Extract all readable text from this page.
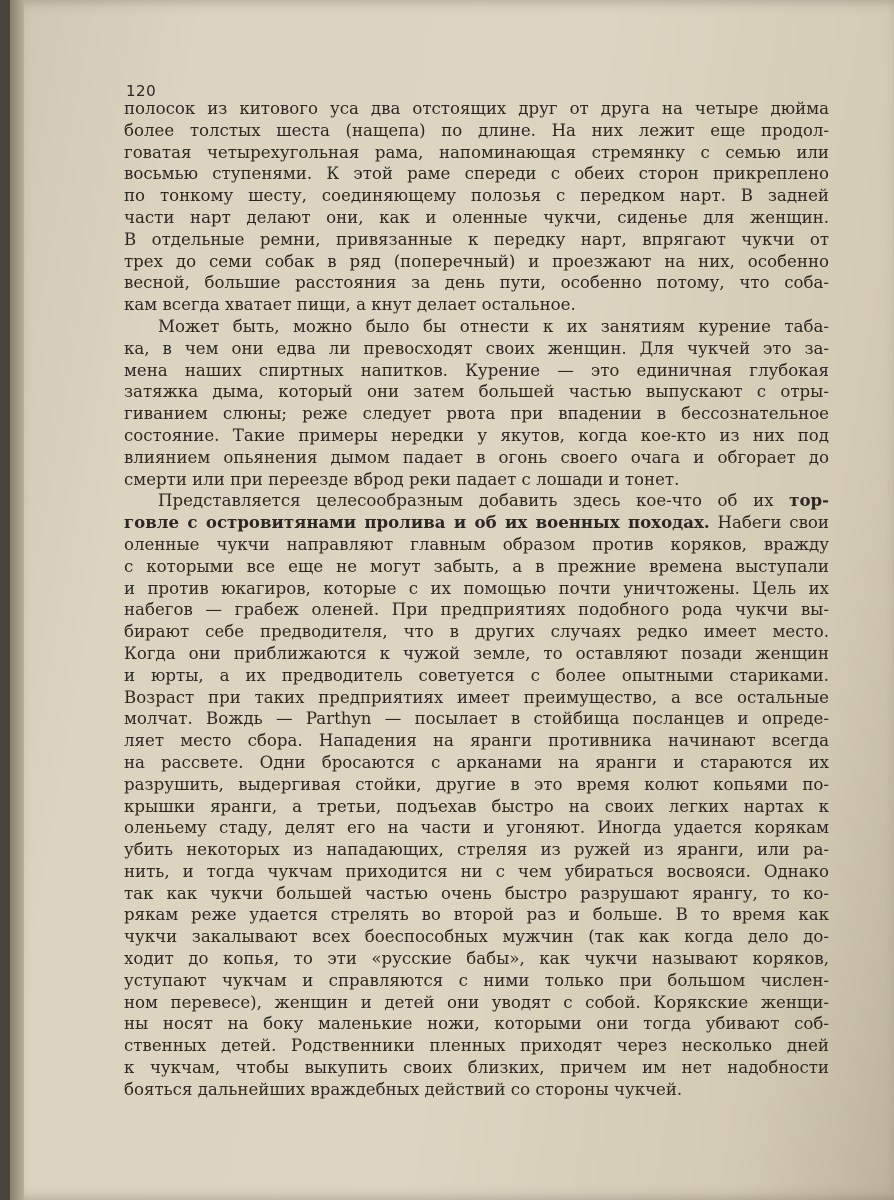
120
полосок из китового уса два отстоящих друг от друга на четыре дюйма
более толстых шеста (нащепа) по длине. На них лежит еще продол-
говатая четырехугольная рама, напоминающая стремянку с семью или
восьмью ступенями. К этой раме спереди с обеих сторон прикреплено
по тонкому шесту, соединяющему полозья с передком нарт. В задней
части нарт делают они, как и оленные чукчи, сиденье для женщин.
В отдельные ремни, привязанные к передку нарт, впрягают чукчи от
трех до семи собак в ряд (поперечный) и проезжают на них, особенно
весной, большие расстояния за день пути, особенно потому, что соба-
кам всегда хватает пищи, а кнут делает остальное.
Может быть, можно было бы отнести к их занятиям курение таба-
ка, в чем они едва ли превосходят своих женщин. Для чукчей это за-
мена наших спиртных напитков. Курение — это единичная глубокая
затяжка дыма, который они затем большей частью выпускают с отры-
гиванием слюны; реже следует рвота при впадении в бессознательное
состояние. Такие примеры нередки у якутов, когда кое-кто из них под
влиянием опьянения дымом падает в огонь своего очага и обгорает до
смерти или при переезде вброд реки падает с лошади и тонет.
Представляется целесообразным добавить здесь кое-что об их тор-
говле с островитянами пролива и об их военных походах. Набеги свои
оленные чукчи направляют главным образом против коряков, вражду
с которыми все еще не могут забыть, а в прежние времена выступали
и против юкагиров, которые с их помощью почти уничтожены. Цель их
набегов — грабеж оленей. При предприятиях подобного рода чукчи вы-
бирают себе предводителя, что в других случаях редко имеет место.
Когда они приближаются к чужой земле, то оставляют позади женщин
и юрты, а их предводитель советуется с более опытными стариками.
Возраст при таких предприятиях имеет преимущество, а все остальные
молчат. Вождь — Parthyn — посылает в стойбища посланцев и опреде-
ляет место сбора. Нападения на яранги противника начинают всегда
на рассвете. Одни бросаются с арканами на яранги и стараются их
разрушить, выдергивая стойки, другие в это время колют копьями по-
крышки яранги, а третьи, подъехав быстро на своих легких нартах к
оленьему стаду, делят его на части и угоняют. Иногда удается корякам
убить некоторых из нападающих, стреляя из ружей из яранги, или ра-
нить, и тогда чукчам приходится ни с чем убираться восвояси. Однако
так как чукчи большей частью очень быстро разрушают ярангу, то ко-
рякам реже удается стрелять во второй раз и больше. В то время как
чукчи закалывают всех боеспособных мужчин (так как когда дело до-
ходит до копья, то эти «русские бабы», как чукчи называют коряков,
уступают чукчам и справляются с ними только при большом числен-
ном перевесе), женщин и детей они уводят с собой. Корякские женщи-
ны носят на боку маленькие ножи, которыми они тогда убивают соб-
ственных детей. Родственники пленных приходят через несколько дней
к чукчам, чтобы выкупить своих близких, причем им нет надобности
бояться дальнейших враждебных действий со стороны чукчей.
